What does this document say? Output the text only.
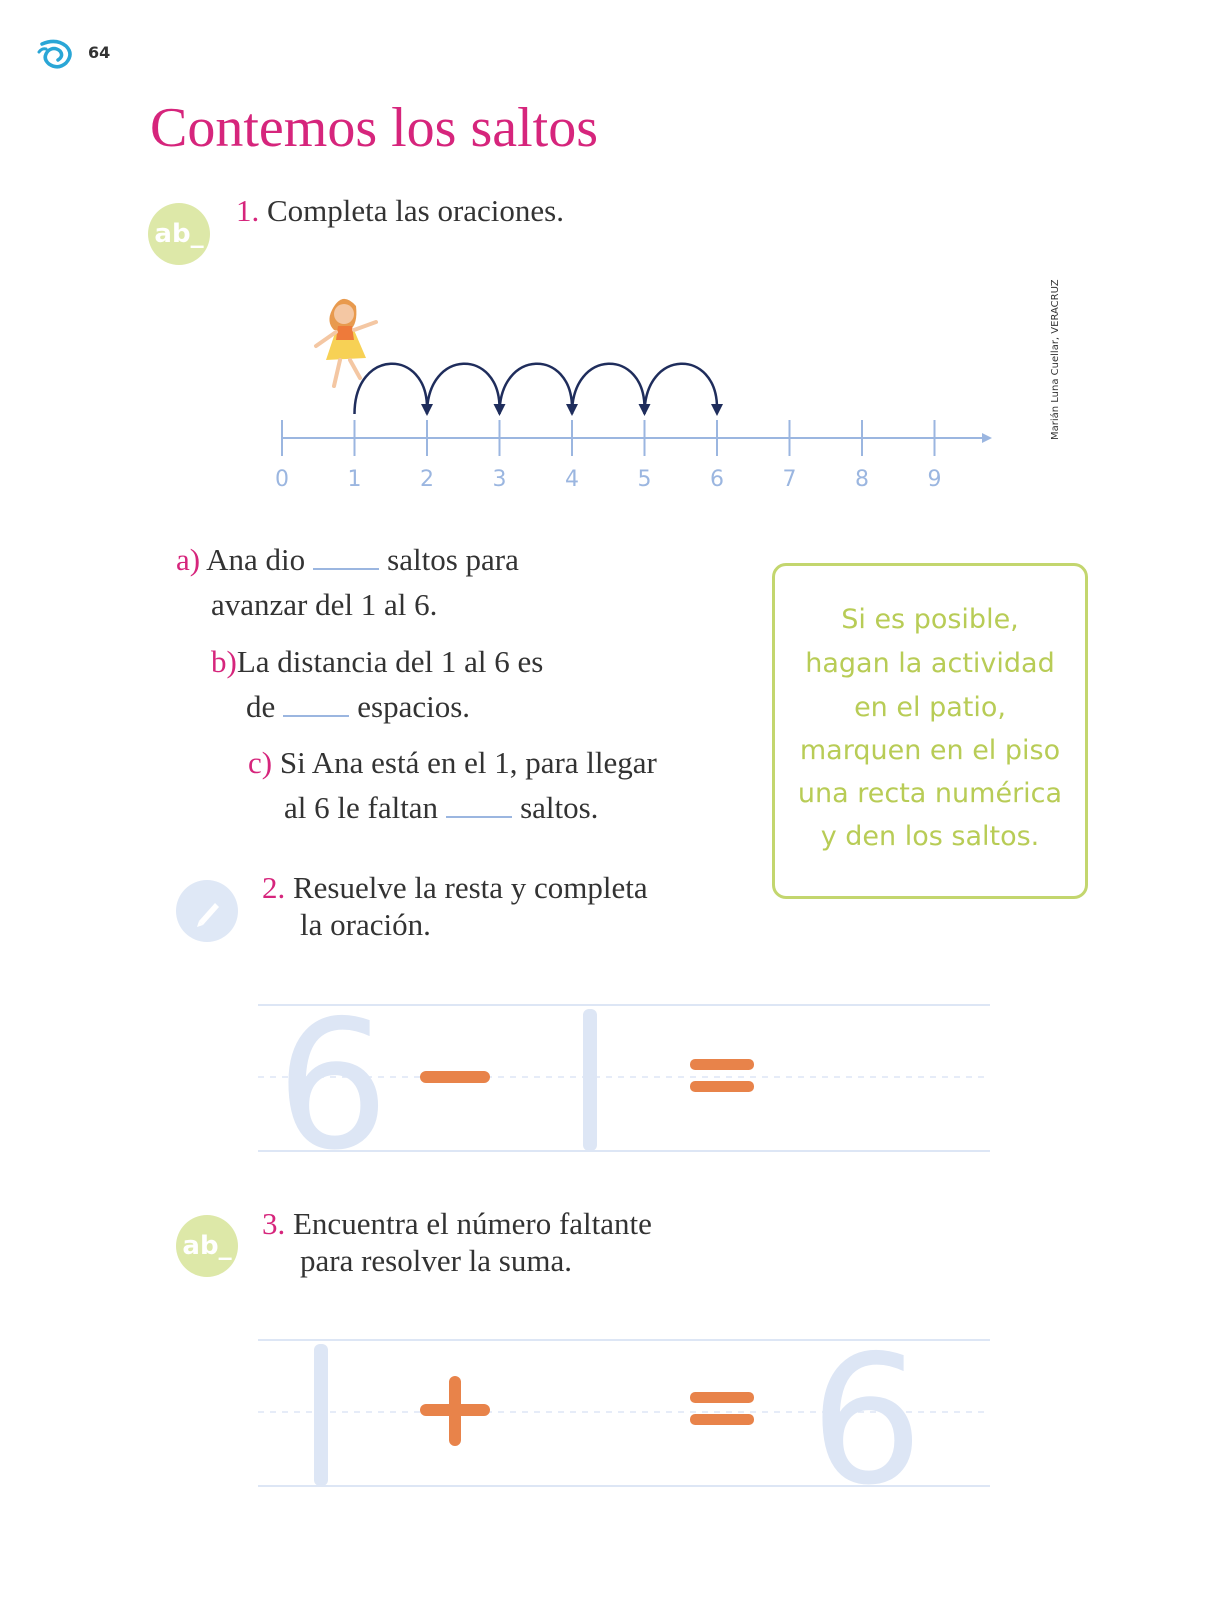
64
Contemos los saltos
ab_
1. Completa las oraciones.
0	1	2	3	4	5	6	7	8	9
a) Ana dio	saltos para
avanzar del 1 al 6.
b)La distancia del 1 al 6 es
de	espacios.
c) Si Ana está en el 1, para llegar
al 6 le faltan	saltos.
Si es posible,
hagan la actividad
en el patio,
marquen en el piso
una recta numérica
y den los saltos.
Marián Luna Cuellar, VERACRUZ
2. Resuelve la resta y completa
la oración.
6
ab_
3. Encuentra el número faltante
para resolver la suma.
6
